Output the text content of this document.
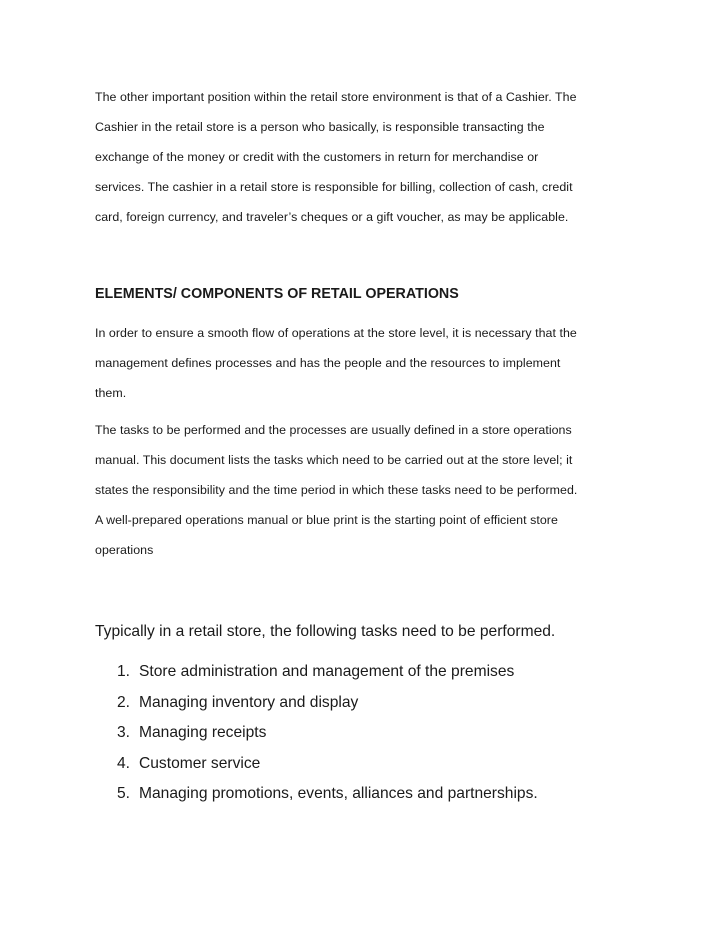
The other important position within the retail store environment is that of a Cashier. The

Cashier in the retail store is a person who basically, is responsible transacting the

exchange of the money or credit with the customers in return for merchandise or

services. The cashier in a retail store is responsible for billing, collection of cash, credit

card, foreign currency, and traveler’s cheques or a gift voucher, as may be applicable.

ELEMENTS/ COMPONENTS OF RETAIL OPERATIONS

In order to ensure a smooth flow of operations at the store level, it is necessary that the

management defines processes and has the people and the resources to implement

them.

The tasks to be performed and the processes are usually defined in a store operations

manual. This document lists the tasks which need to be carried out at the store level; it

states the responsibility and the time period in which these tasks need to be performed.

A well-prepared operations manual or blue print is the starting point of efficient store

operations

Typically in a retail store, the following tasks need to be performed.

1. Store administration and management of the premises
2. Managing inventory and display
3. Managing receipts
4. Customer service
5. Managing promotions, events, alliances and partnerships.
